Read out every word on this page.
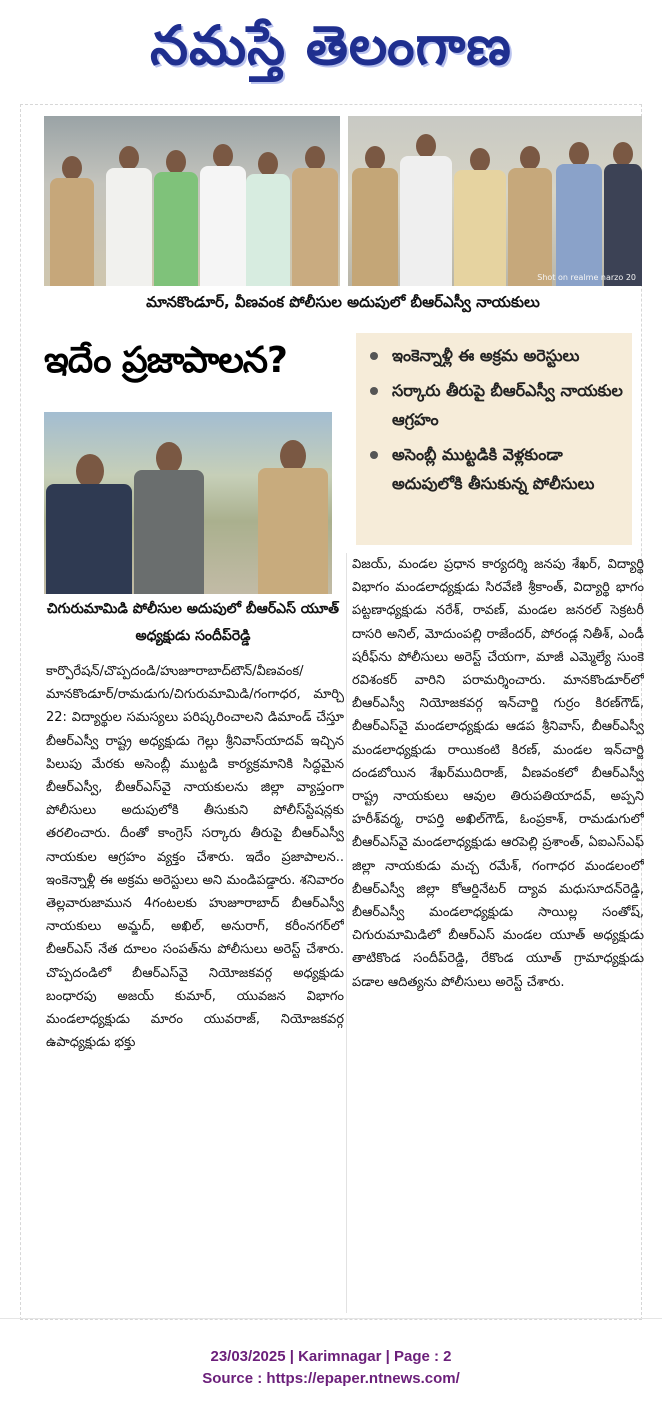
నమస్తే తెలంగాణ
Shot on realme narzo 20
మానకొండూర్, వీణవంక పోలీసుల అదుపులో బీఆర్‌ఎస్వీ నాయకులు
ఇదేం ప్రజాపాలన?	ఇంకెన్నాళ్లీ ఈ అక్రమ అరెస్టులు
సర్కారు తీరుపై బీఆర్‌ఎస్వీ నాయకుల ఆగ్రహం
అసెంబ్లీ ముట్టడికి వెళ్లకుండా అదుపులోకి తీసుకున్న పోలీసులు
చిగురుమామిడి పోలీసుల అదుపులో బీఆర్‌ఎస్ యూత్ అధ్యక్షుడు సందీప్‌రెడ్డి
కార్పొరేషన్/చొప్పదండి/హుజూరాబాద్‌టౌన్/వీణవంక/మానకొండూర్/రామడుగు/చిగురుమామిడి/గంగాధర, మార్చి 22: విద్యార్థుల సమస్యలు పరిష్కరించాలని డిమాండ్ చేస్తూ బీఆర్‌ఎస్వీ రాష్ట్ర అధ్యక్షుడు గెల్లు శ్రీనివాస్‌యాదవ్ ఇచ్చిన పిలుపు మేరకు అసెంబ్లీ ముట్టడి కార్యక్రమానికి సిద్ధమైన బీఆర్‌ఎస్వీ, బీఆర్‌ఎస్‌వై నాయకులను జిల్లా వ్యాప్తంగా పోలీసులు అదుపులోకి తీసుకుని పోలీస్‌స్టేషన్లకు తరలించారు. దీంతో కాంగ్రెస్ సర్కారు తీరుపై బీఆర్‌ఎస్వీ నాయకుల ఆగ్రహం వ్యక్తం చేశారు. ఇదేం ప్రజాపాలన.. ఇంకెన్నాళ్లీ ఈ అక్రమ అరెస్టులు అని మండిపడ్డారు. శనివారం తెల్లవారుజామున 4గంటలకు హుజూరాబాద్ బీఆర్‌ఎస్వీ నాయకులు అమ్జద్, అఖిల్, అనురాగ్, కరీంనగర్‌లో బీఆర్‌ఎస్ నేత దూలం సంపత్‌ను పోలీసులు అరెస్ట్ చేశారు. చొప్పదండిలో బీఆర్‌ఎస్‌వై నియోజకవర్గ అధ్యక్షుడు బంధారపు అజయ్ కుమార్, యువజన విభాగం మండలాధ్యక్షుడు మారం యువరాజ్, నియోజకవర్గ ఉపాధ్యక్షుడు భక్తు
విజయ్, మండల ప్రధాన కార్యదర్శి జనపు శేఖర్, విద్యార్థి విభాగం మండలాధ్యక్షుడు సిరవేణి శ్రీకాంత్, విద్యార్థి భాగం పట్టణాధ్యక్షుడు నరేశ్, రావణ్, మండల జనరల్ సెక్రటరీ దాసరి అనిల్, మోదుంపల్లి రాజేందర్, పోరండ్ల నితీశ్, ఎండీ షరీఫ్‌ను పోలీసులు అరెస్ట్ చేయగా, మాజీ ఎమ్మెల్యే సుంకె రవిశంకర్ వారిని పరామర్శించారు. మానకొండూర్‌లో బీఆర్‌ఎస్వీ నియోజకవర్గ ఇన్‌చార్జి గుర్రం కిరణ్‌గౌడ్, బీఆర్‌ఎస్‌వై మండలాధ్యక్షుడు ఆడప శ్రీనివాస్, బీఆర్‌ఎస్వీ మండలాధ్యక్షుడు రాయికంటి కిరణ్, మండల ఇన్‌చార్జి దండబోయిన శేఖర్‌ముదిరాజ్, వీణవంకలో బీఆర్‌ఎస్వీ రాష్ట్ర నాయకులు ఆవుల తిరుపతియాదవ్, అప్పని హరీశ్‌వర్మ, రాపర్తి అఖిల్‌గౌడ్, ఓంప్రకాశ్, రామడుగులో బీఆర్‌ఎస్‌వై మండలాధ్యక్షుడు ఆరపెల్లి ప్రశాంత్, ఏఐఎస్‌ఎఫ్ జిల్లా నాయకుడు మచ్చ రమేశ్, గంగాధర మండలంలో బీఆర్‌ఎస్వీ జిల్లా కోఆర్డినేటర్ ద్యావ మధుసూదన్‌రెడ్డి, బీఆర్‌ఎస్వీ మండలాధ్యక్షుడు సాయిల్ల సంతోష్, చిగురుమామిడిలో బీఆర్‌ఎస్ మండల యూత్ అధ్యక్షుడు తాటికొండ సందీప్‌రెడ్డి, రేకొండ యూత్ గ్రామాధ్యక్షుడు పడాల ఆదిత్యను పోలీసులు అరెస్ట్ చేశారు.
23/03/2025 | Karimnagar | Page : 2
Source : https://epaper.ntnews.com/
